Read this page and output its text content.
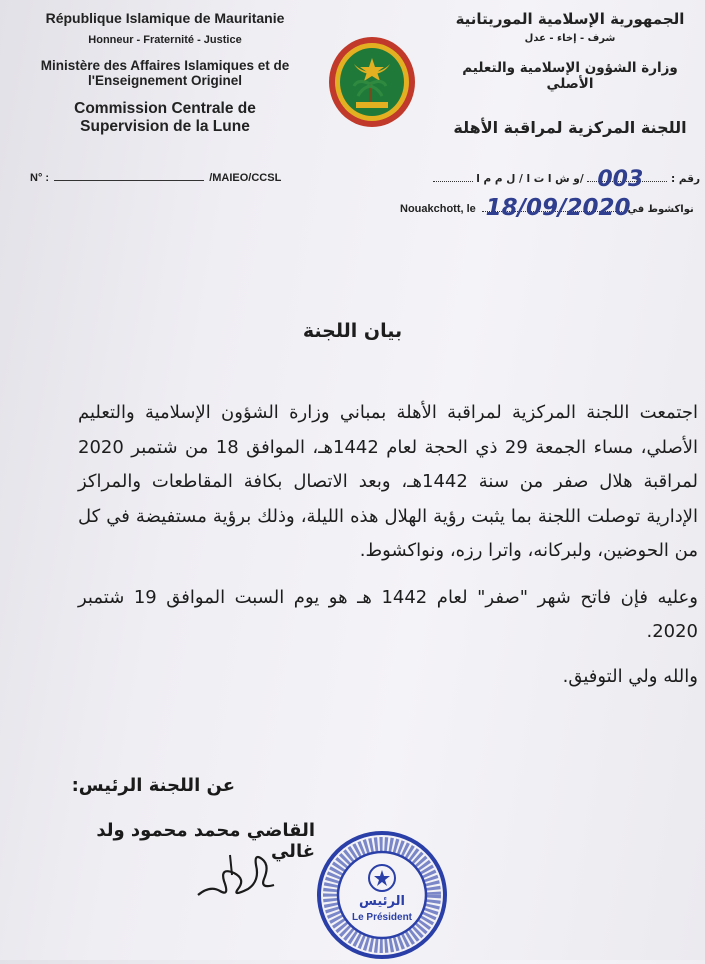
République Islamique de Mauritanie
Honneur - Fraternité - Justice
Ministère des Affaires Islamiques et de
l'Enseignement Originel
Commission Centrale de
Supervision de la Lune
N° :	/MAIEO/CCSL
الجمهورية الإسلامية الموريتانية
شرف - إخاء - عدل
وزارة الشؤون الإسلامية والتعليم الأصلي
اللجنة المركزية لمراقبة الأهلة
رقم :
003
/و ش ا ت ا / ل م م ا
Nouakchott, le 18/09/2020
نواكشوط في
بيان اللجنة

اجتمعت اللجنة المركزية لمراقبة الأهلة بمباني وزارة الشؤون الإسلامية والتعليم الأصلي، مساء الجمعة 29 ذي الحجة لعام 1442هـ، الموافق 18 من شتمبر 2020 لمراقبة هلال صفر من سنة 1442هـ، وبعد الاتصال بكافة المقاطعات والمراكز الإدارية توصلت اللجنة بما يثبت رؤية الهلال هذه الليلة، وذلك برؤية مستفيضة في كل من الحوضين، ولبركانه، واترا رزه، ونواكشوط.

وعليه فإن فاتح شهر "صفر" لعام 1442 هـ هو يوم السبت الموافق 19 شتمبر 2020.

والله ولي التوفيق.

عن اللجنة الرئيس:
القاضي محمد محمود ولد غالي
الرئيس
Le Président
